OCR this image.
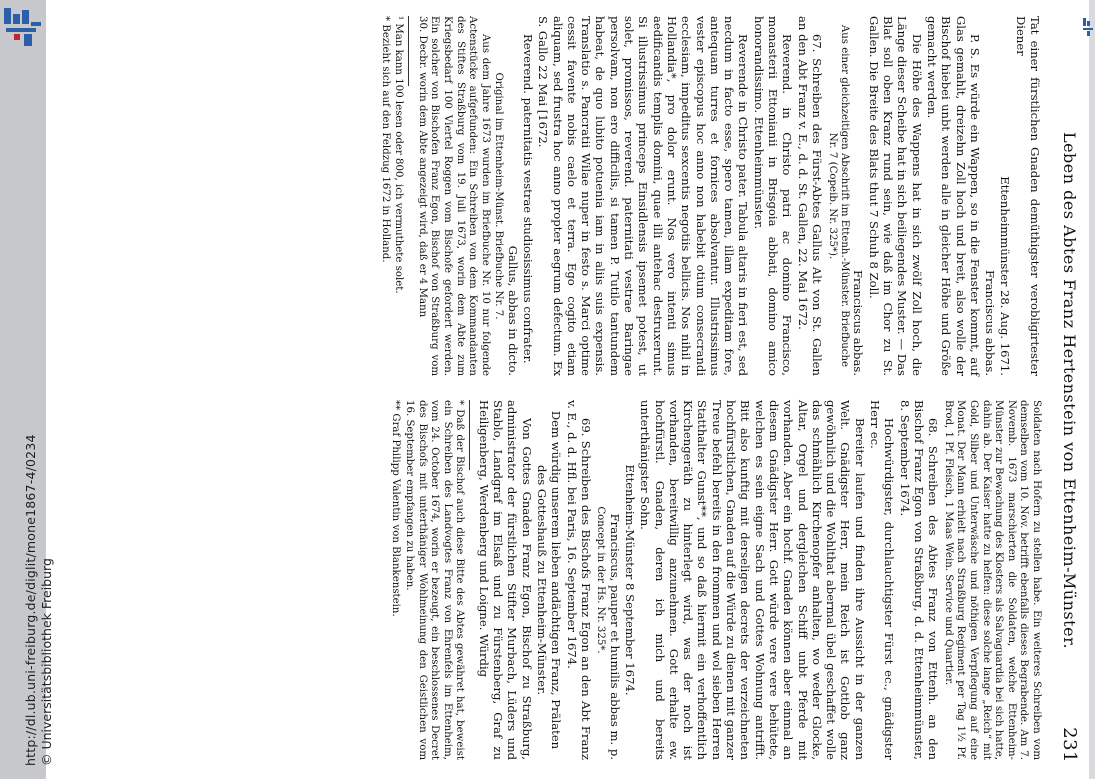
http://dl.ub.uni-freiburg.de/diglit/mone1867-4/0234 © Universitätsbibliothek Freiburg
Leben des Abtes Franz Hertenstein von Ettenheim-Münster.
231

Tat einer fürstlichen Gnaden demüthigster verobligirtester Diener

Ettenheimmünster 28. Aug. 1671.

Franciscus abbas.

P. S. Es würde ein Wappen, so in die Fenster kommt, auf Glas gemahlt, dreizehn Zoll hoch und breit, also wolle der Bischof hiebei unbt werden alle in gleicher Höhe und Größe gemacht werden.

Die Höhe des Wappens hat in sich zwölf Zoll hoch, die Länge dieser Scheibe hat in sich beiliegendes Muster. — Das Blat soll oben Kranz rund sein, wie daß im Chor zu St. Gallen. Die Breite des Blats thut 7 Schuh 8 Zoll.

Franciscus abbas.

Aus einer gleichzeitigen Abschrift im Ettenh.-Münster. Briefbuche Nr. 7 (Copeib. Nr. 325*).

67. Schreiben des Fürst-Abtes Gallus Alt von St. Gallen an den Abt Franz v. E., d. d. St. Gallen, 22. Mai 1672.

Reverend. in Christo patri ac domino Francisco, monasterii Ettonianii in Brisgoia abbati, domino amico honorandissimo. Ettenheimmünster.

Reverende in Christo pater. Tabula altaris in fieri est, sed necdum in facto esse, spero tamen, illam expeditam fore, antequam turres et fornices absolvantur. Illustrissimus vester episcopus hoc anno non habebit otium consecrandi ecclesiam, impeditus sexcentis negotiis bellicis. Nos nihil in Hollandia*, pro dolor erunt. Nos vero intenti simus aedificandis templis domini, quae illi antehac destruxerunt. Si illustrissimus princeps Einsidlensis ipsemet potest, ut solet, promissos, reverend. paternitati vestrae Baringae persolvam, non ero difficilis, si tamen P. Tutilo tantundem habeat, de quo lubito potuenia iam in aliis suis expensis. Translatio s. Pancratii Wilae nuper in festo s. Marci optime cessit favente nobis caelo et terra. Ego cogito etiam aliquam, sed frustra hoc anno propter aegrum defectum. Ex S. Gallo 22 Mai [1672.

Reverend. paternitatis vestrae studiosissimus confrater.

Gallus, abbas in dicto.

Original im Ettenheim-Münst. Briefbuche Nr. 7.

Aus dem Jahre 1673 wurden im Briefbuche Nr. 10 nur folgende Actenstücke aufgefunden: Ein Schreiben von dem Kommandanten des Stiftes Straßburg vom 19. Juli 1673, worin dem Abte zum Kriegsbedarf 100 Viertel Roggen vom Bischofe gefordert werden. Ein solcher von Bischofen Franz Egon, Bischof von Straßburg vom 30. Decbr. worin dem Abte angezeigt wird, daß er 4 Mann

¹ Man kann 100 lesen oder 800, ich vermuthete solet.

* Bezieht sich auf den Feldzug 1672 in Holland.

Soldaten nach Hofern zu stellen habe. Ein weiteres Schreiben vom demselben vom 10. Nov. betrifft ebenfalls dieses Begrabende. Am 7. Novemb. 1673 marschierten die Soldaten, welche Ettenheim-Münster zur Bewachung des Klosters als Salvaguardia bei sich hatte, dahin ab. Der Kaiser hatte zu helfen: diese solche lange „Reich“ mit Gold, Silber und Unterwäsche und nöthigen Verpflegung auf eine Monat. Der Mann erhielt nach Straßburg Regiment per Tag 1½ Pf. Brod, 1 Pf. Fleisch, 1 Maas Wein. Service und Quartier.

68. Schreiben des Abtes Franz von Ettenh. an den Bischof Franz Egon von Straßburg, d. d. Ettenheimmünster, 8. September 1674.

Hochwürdigster, durchlauchtigster Fürst ec., gnädigster Herr ec.

Bereiter laufen und finden ihre Aussicht in der ganzen Welt. Gnädigster Herr, mein Reich ist Gottlob ganz gewöhnlich und die Wohlthat abermal übel geschaffet wolle das schmählich Kirchenopfer anhalten, wo weder Glocke, Altar, Orgel und dergleichen Schiff unbt Pferde mit vorhanden. Aber ein hochf. Gnaden können aber einmal an diesem Gnädigster Herr. Gott würde vere vere behütete, welchen es sein eigne Sach und Gottes Wohnung antrifft. Bitt also kunftig mit derseligen decrets der verzeichneten hochfürstlichen, Gnaden auf die Würde zu dienen mit ganzer Treue befehl bereits in den frommen und wol sieben Herren Statthalter Gunst**, und so daß hiermit ein verhoffentlich Kirchengeräth zu hinterlegt wird, was der noch ist vorhanden, bereitwillig anzunehmen. Gott erhalte ew. hochfürstl. Gnaden, deren ich mich und bereits unterthänigster Sohn.

Ettenheim-Münster 8 September 1674.

Franciscus, pauper et humilis abbas m. p.

Concept in der Hs. Nr. 325*.

69. Schreiben des Bischofs Franz Egon an den Abt Franz v. E., d. d. Hfl. bei Paris, 16. September 1674.

Dem würdig unserem lieben andächtigen Franz, Prälaten des Gotteshauß zu Ettenheim-Münster.

Von Gottes Gnaden Franz Egon, Bischof zu Straßburg, administrator der fürstlichen Stifter Murbach, Lüders und Stablo, Landgraf im Elsaß und zu Fürstenberg, Graf zu Heiligenberg, Werdenberg und Loigne. Würdig

* Daß der Bischof auch diese Bitte des Abtes gewähret hat, beweist ein Schreiben des Landvogtes Franz von Ehrenfels im Ettenheim, vom 24. October 1674, worin er bezeugt, ein beschlossenes Decret des Bischofs mit unterthäniger Wohlmeinung den Geistlichen vom 16. September empfangen zu haben.

** Graf Philipp Valentin von Blankenstein.
